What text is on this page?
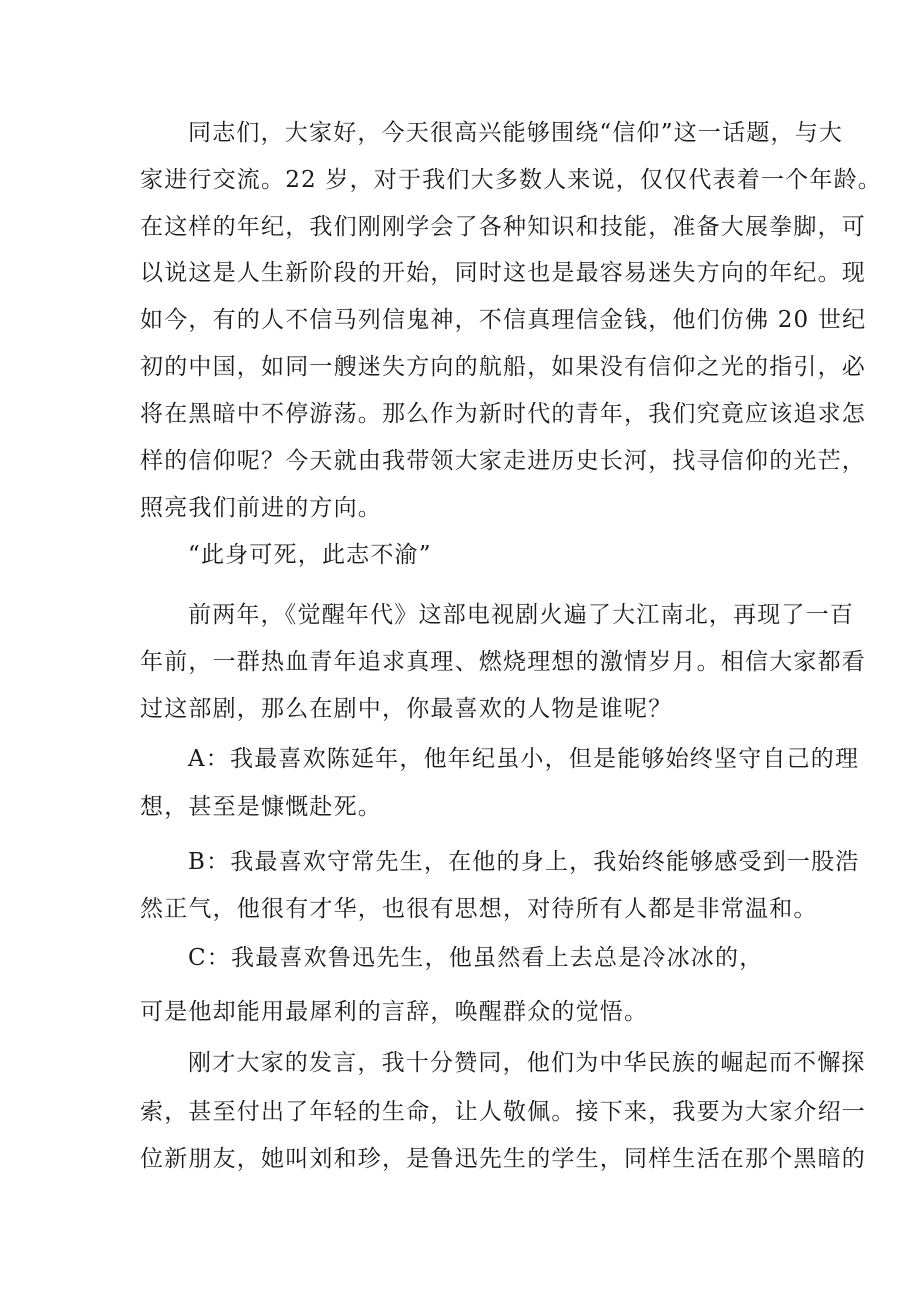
同志们，大家好，今天很高兴能够围绕“信仰”这一话题，与大
家进行交流。22 岁，对于我们大多数人来说，仅仅代表着一个年龄。
在这样的年纪，我们刚刚学会了各种知识和技能，准备大展拳脚，可
以说这是人生新阶段的开始，同时这也是最容易迷失方向的年纪。现
如今，有的人不信马列信鬼神，不信真理信金钱，他们仿佛 20 世纪
初的中国，如同一艘迷失方向的航船，如果没有信仰之光的指引，必
将在黑暗中不停游荡。那么作为新时代的青年，我们究竟应该追求怎
样的信仰呢？今天就由我带领大家走进历史长河，找寻信仰的光芒，
照亮我们前进的方向。
“此身可死，此志不渝”
前两年，《觉醒年代》这部电视剧火遍了大江南北，再现了一百
年前，一群热血青年追求真理、燃烧理想的激情岁月。相信大家都看
过这部剧，那么在剧中，你最喜欢的人物是谁呢？
A：我最喜欢陈延年，他年纪虽小，但是能够始终坚守自己的理
想，甚至是慷慨赴死。
B：我最喜欢守常先生，在他的身上，我始终能够感受到一股浩
然正气，他很有才华，也很有思想，对待所有人都是非常温和。
C：我最喜欢鲁迅先生，他虽然看上去总是冷冰冰的，
可是他却能用最犀利的言辞，唤醒群众的觉悟。
刚才大家的发言，我十分赞同，他们为中华民族的崛起而不懈探
索，甚至付出了年轻的生命，让人敬佩。接下来，我要为大家介绍一
位新朋友，她叫刘和珍，是鲁迅先生的学生，同样生活在那个黑暗的
